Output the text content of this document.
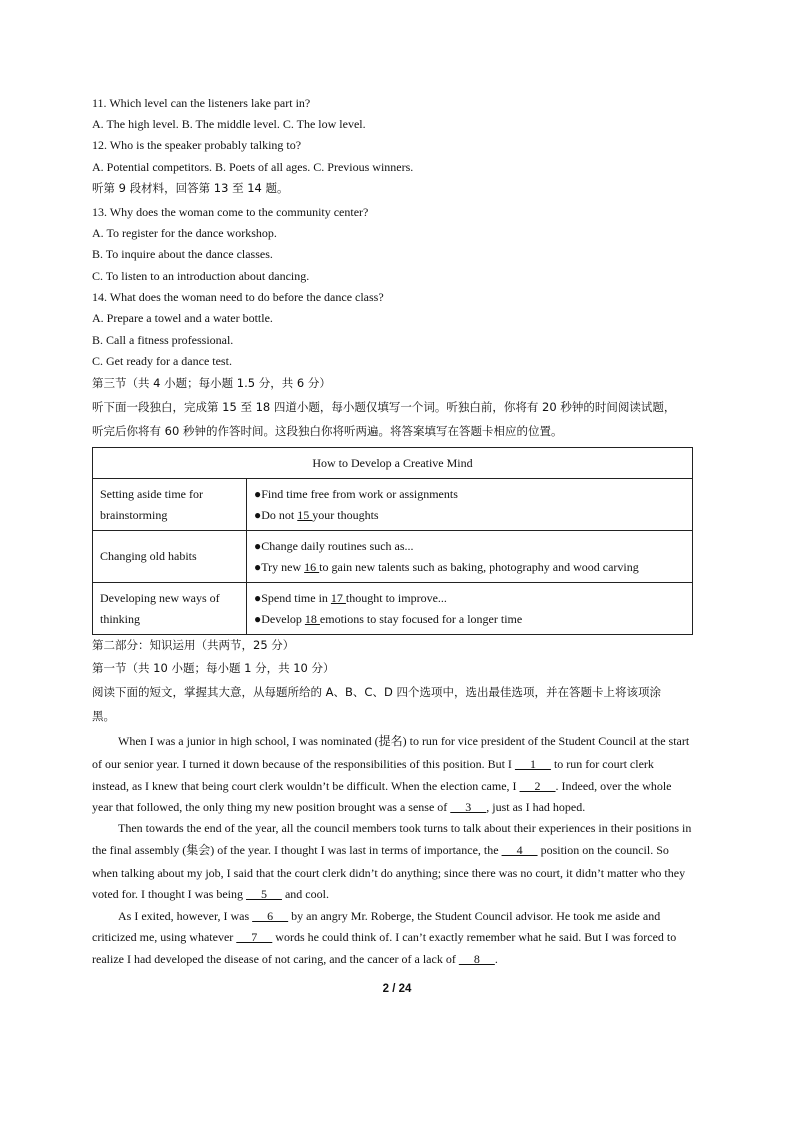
11. Which level can the listeners lake part in?
A. The high level. B. The middle level. C. The low level.
12. Who is the speaker probably talking to?
A. Potential competitors. B. Poets of all ages. C. Previous winners.
听第 9 段材料，回答第 13 至 14 题。
13. Why does the woman come to the community center?
A. To register for the dance workshop.
B. To inquire about the dance classes.
C. To listen to an introduction about dancing.
14. What does the woman need to do before the dance class?
A. Prepare a towel and a water bottle.
B. Call a fitness professional.
C. Get ready for a dance test.
第三节（共 4 小题；每小题 1.5 分，共 6 分）
听下面一段独白，完成第 15 至 18 四道小题，每小题仅填写一个词。听独白前，你将有 20 秒钟的时间阅读试题，
听完后你将有 60 秒钟的作答时间。这段独白你将听两遍。将答案填写在答题卡相应的位置。
How to Develop a Creative Mind	

Setting aside time for
brainstorming	●Find time free from work or assignments
●Do not 15 your thoughts

Changing old habits	●Change daily routines such as...
●Try new 16 to gain new talents such as baking, photography and wood carving

Developing new ways of
thinking	●Spend time in 17 thought to improve...
●Develop 18 emotions to stay focused for a longer time
第二部分：知识运用（共两节，25 分）
第一节（共 10 小题；每小题 1 分，共 10 分）
阅读下面的短文，掌握其大意，从每题所给的 A、B、C、D 四个选项中，选出最佳选项，并在答题卡上将该项涂
黑。
When I was a junior in high school, I was nominated (提名) to run for vice president of the Student Council at the start
of our senior year. I turned it down because of the responsibilities of this position. But I      1      to run for court clerk
instead, as I knew that being court clerk wouldn’t be difficult. When the election came, I      2     . Indeed, over the whole
year that followed, the only thing my new position brought was a sense of      3     , just as I had hoped.
Then towards the end of the year, all the council members took turns to talk about their experiences in their positions in
the final assembly (集会) of the year. I thought I was last in terms of importance, the      4      position on the council. So
when talking about my job, I said that the court clerk didn’t do anything; since there was no court, it didn’t matter who they
voted for. I thought I was being      5      and cool.
As I exited, however, I was      6      by an angry Mr. Roberge, the Student Council advisor. He took me aside and
criticized me, using whatever      7      words he could think of. I can’t exactly remember what he said. But I was forced to
realize I had developed the disease of not caring, and the cancer of a lack of      8     .
2 / 24
